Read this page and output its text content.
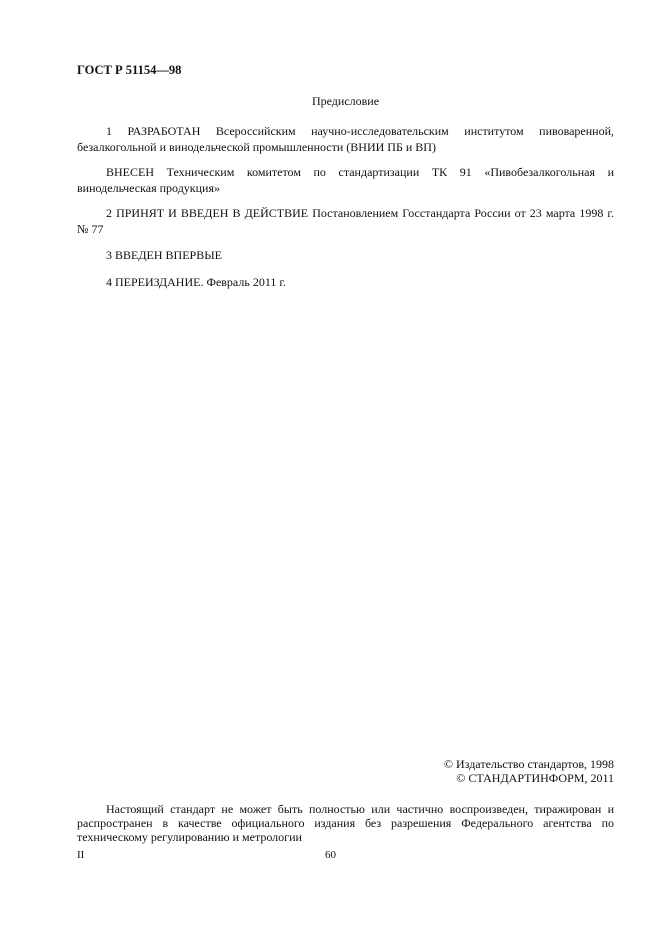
ГОСТ Р 51154—98
Предисловие
1 РАЗРАБОТАН Всероссийским научно-исследовательским институтом пивоваренной, безалкогольной и винодельческой промышленности (ВНИИ ПБ и ВП)
ВНЕСЕН Техническим комитетом по стандартизации ТК 91 «Пивобезалкогольная и винодельческая продукция»
2 ПРИНЯТ И ВВЕДЕН В ДЕЙСТВИЕ Постановлением Госстандарта России от 23 марта 1998 г. № 77
3 ВВЕДЕН ВПЕРВЫЕ
4 ПЕРЕИЗДАНИЕ. Февраль 2011 г.
© Издательство стандартов, 1998
© СТАНДАРТИНФОРМ, 2011
Настоящий стандарт не может быть полностью или частично воспроизведен, тиражирован и распространен в качестве официального издания без разрешения Федерального агентства по техническому регулированию и метрологии
II	60
